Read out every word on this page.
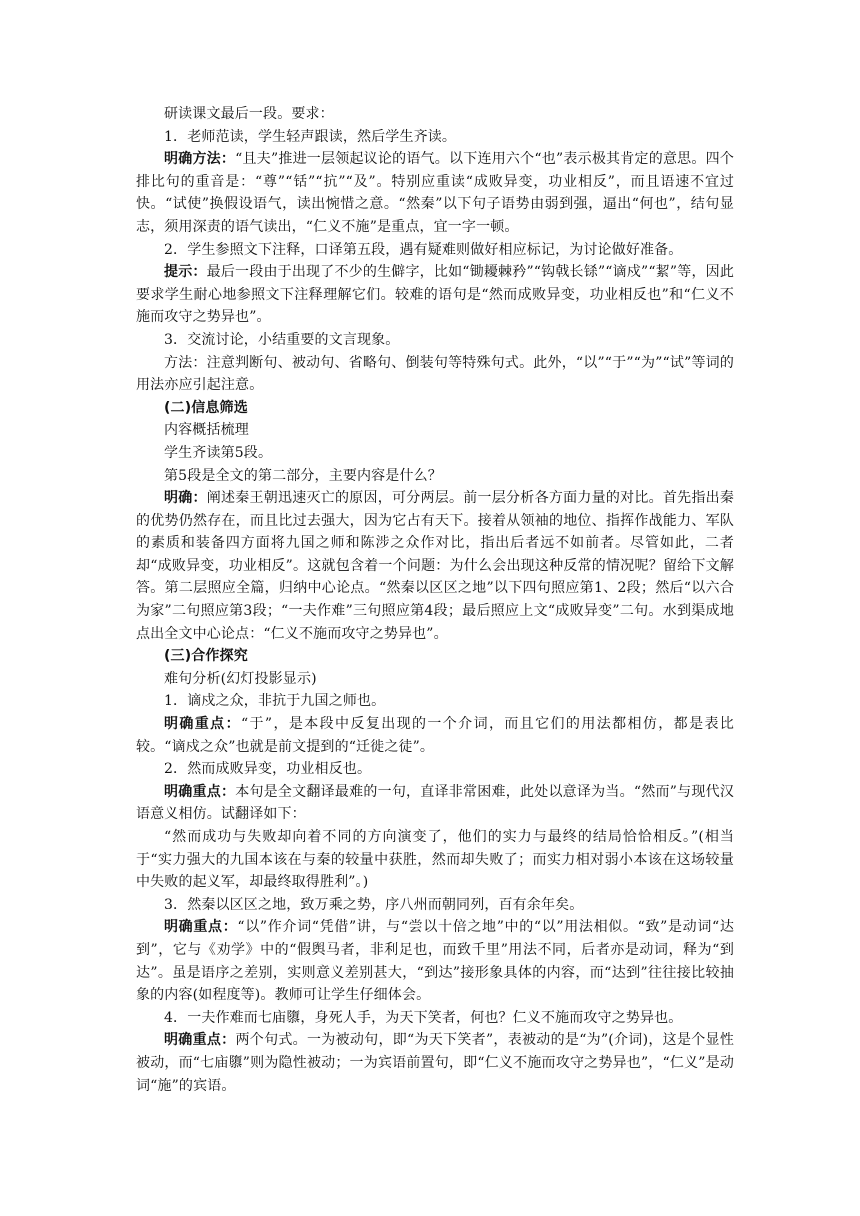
研读课文最后一段。要求：

1．老师范读，学生轻声跟读，然后学生齐读。

明确方法：“且夫”推进一层领起议论的语气。以下连用六个“也”表示极其肯定的意思。四个排比句的重音是：“尊”“铦”“抗”“及”。特别应重读“成败异变，功业相反”，而且语速不宜过快。“试使”换假设语气，读出惋惜之意。“然秦”以下句子语势由弱到强，逼出“何也”，结句显志，须用深责的语气读出，“仁义不施”是重点，宜一字一顿。

2．学生参照文下注释，口译第五段，遇有疑难则做好相应标记，为讨论做好准备。

提示：最后一段由于出现了不少的生僻字，比如“锄耰棘矜”“钩戟长铩”“谪戍”“絜”等，因此要求学生耐心地参照文下注释理解它们。较难的语句是“然而成败异变，功业相反也”和“仁义不施而攻守之势异也”。

3．交流讨论，小结重要的文言现象。

方法：注意判断句、被动句、省略句、倒装句等特殊句式。此外，“以”“于”“为”“试”等词的用法亦应引起注意。

(二)信息筛选

内容概括梳理

学生齐读第5段。

第5段是全文的第二部分，主要内容是什么？

明确：阐述秦王朝迅速灭亡的原因，可分两层。前一层分析各方面力量的对比。首先指出秦的优势仍然存在，而且比过去强大，因为它占有天下。接着从领袖的地位、指挥作战能力、军队的素质和装备四方面将九国之师和陈涉之众作对比，指出后者远不如前者。尽管如此，二者却“成败异变，功业相反”。这就包含着一个问题：为什么会出现这种反常的情况呢？留给下文解答。第二层照应全篇，归纳中心论点。“然秦以区区之地”以下四句照应第1、2段；然后“以六合为家”二句照应第3段；“一夫作难”三句照应第4段；最后照应上文“成败异变”二句。水到渠成地点出全文中心论点：“仁义不施而攻守之势异也”。

(三)合作探究

难句分析(幻灯投影显示)

1．谪戍之众，非抗于九国之师也。

明确重点：“于”，是本段中反复出现的一个介词，而且它们的用法都相仿，都是表比较。“谪戍之众”也就是前文提到的“迁徙之徒”。

2．然而成败异变，功业相反也。

明确重点：本句是全文翻译最难的一句，直译非常困难，此处以意译为当。“然而”与现代汉语意义相仿。试翻译如下：

“然而成功与失败却向着不同的方向演变了，他们的实力与最终的结局恰恰相反。”(相当于“实力强大的九国本该在与秦的较量中获胜，然而却失败了；而实力相对弱小本该在这场较量中失败的起义军，却最终取得胜利”。)

3．然秦以区区之地，致万乘之势，序八州而朝同列，百有余年矣。

明确重点：“以”作介词“凭借”讲，与“尝以十倍之地”中的“以”用法相似。“致”是动词“达到”，它与《劝学》中的“假舆马者，非利足也，而致千里”用法不同，后者亦是动词，释为“到达”。虽是语序之差别，实则意义差别甚大，“到达”接形象具体的内容，而“达到”往往接比较抽象的内容(如程度等)。教师可让学生仔细体会。

4．一夫作难而七庙隳，身死人手，为天下笑者，何也？仁义不施而攻守之势异也。

明确重点：两个句式。一为被动句，即“为天下笑者”，表被动的是“为”(介词)，这是个显性被动，而“七庙隳”则为隐性被动；一为宾语前置句，即“仁义不施而攻守之势异也”，“仁义”是动词“施”的宾语。
